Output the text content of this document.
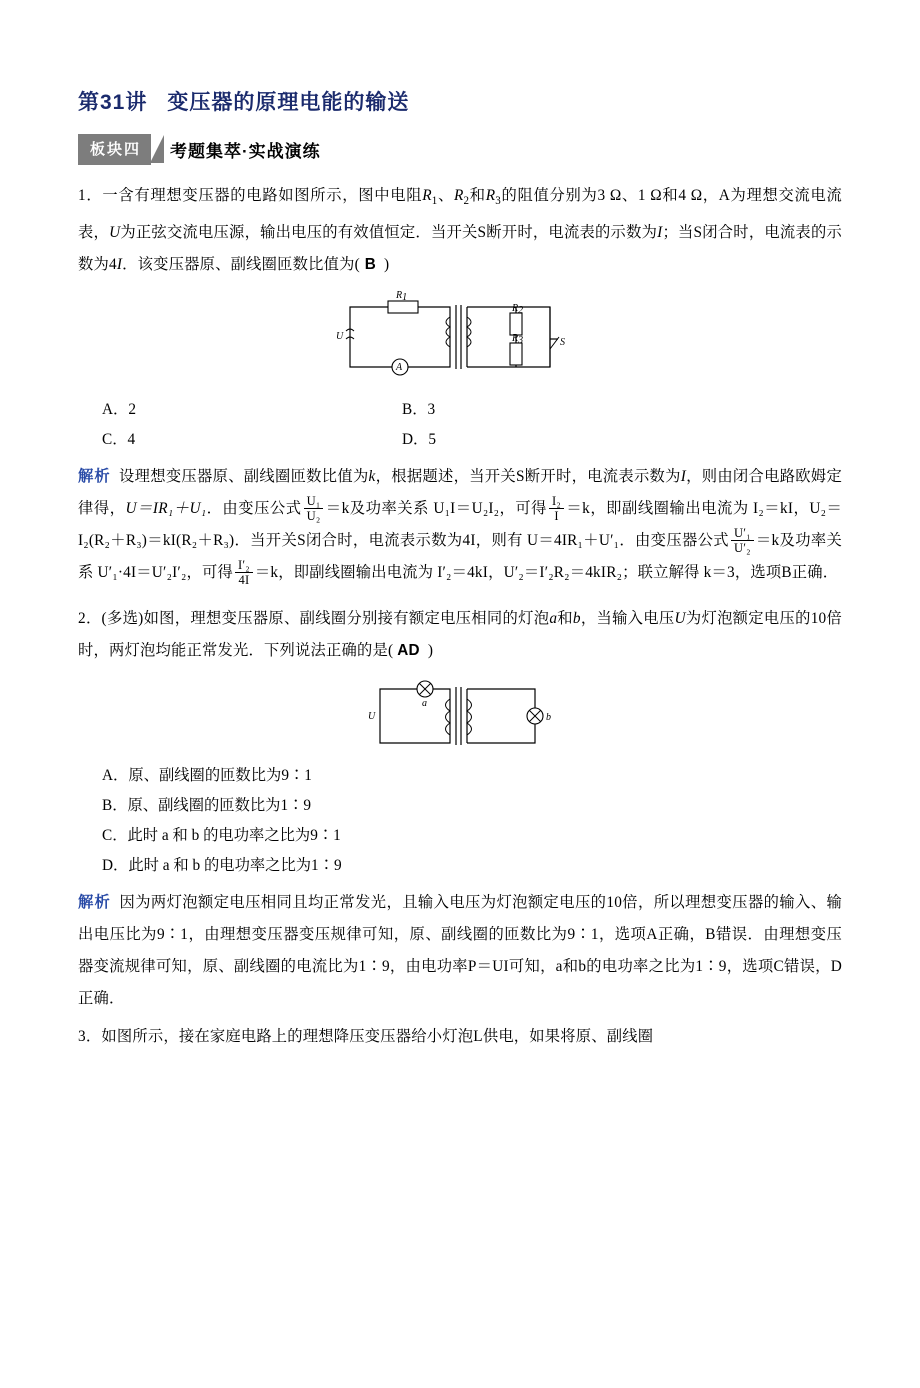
第31讲 变压器的原理电能的输送
板块四	考题集萃·实战演练
1．一含有理想变压器的电路如图所示，图中电阻$R_1$、$R_2$和$R_3$的阻值分别为3 Ω、1 Ω和4 Ω，A为理想交流电流表，U为正弦交流电压源，输出电压的有效值恒定．当开关S断开时，电流表的示数为I；当S闭合时，电流表的示数为4I．该变压器原、副线圈匝数比值为( B )
R1
U
A
R2
R3	S
A．2	B．3
C．4	D．5
解析 设理想变压器原、副线圈匝数比值为k，根据题述，当开关S断开时，电流表示数为I，则由闭合电路欧姆定律得，U＝IR₁＋U₁．由变压公式 $\frac{\text{U₁}}{\text{U₂}} =k$及功率关系 U₁I＝U₂I₂，可得 $\frac{\text{I₂}}{I} =k$，即副线圈输出电流为 I₂＝kI，U₂＝I₂(R₂＋R₃)＝kI(R₂＋R₃)．当开关S闭合时，电流表示数为4I，则有 U＝4IR₁＋U′₁．由变压器公式 $\frac{\text{U′₁}}{\text{U′₂}} =k$及功率关系 U′₁·4I＝U′₂I′₂，可得 $\frac{\text{I′₂}}{4I} =k$，即副线圈输出电流为 I′₂＝4kI，U′₂＝I′₂R₂＝4kIR₂；联立解得 k＝3，选项B正确．
2．(多选)如图，理想变压器原、副线圈分别接有额定电压相同的灯泡a和b，当输入电压U为灯泡额定电压的10倍时，两灯泡均能正常发光．下列说法正确的是( AD )
U
a
b
A．原、副线圈的匝数比为9∶1
B．原、副线圈的匝数比为1∶9
C．此时 a 和 b 的电功率之比为9∶1
D．此时 a 和 b 的电功率之比为1∶9
解析 因为两灯泡额定电压相同且均正常发光，且输入电压为灯泡额定电压的10倍，所以理想变压器的输入、输出电压比为9∶1，由理想变压器变压规律可知，原、副线圈的匝数比为9∶1，选项A正确，B错误．由理想变压器变流规律可知，原、副线圈的电流比为1∶9，由电功率P＝UI可知，a和b的电功率之比为1∶9，选项C错误，D正确．
3．如图所示，接在家庭电路上的理想降压变压器给小灯泡L供电，如果将原、副线圈
